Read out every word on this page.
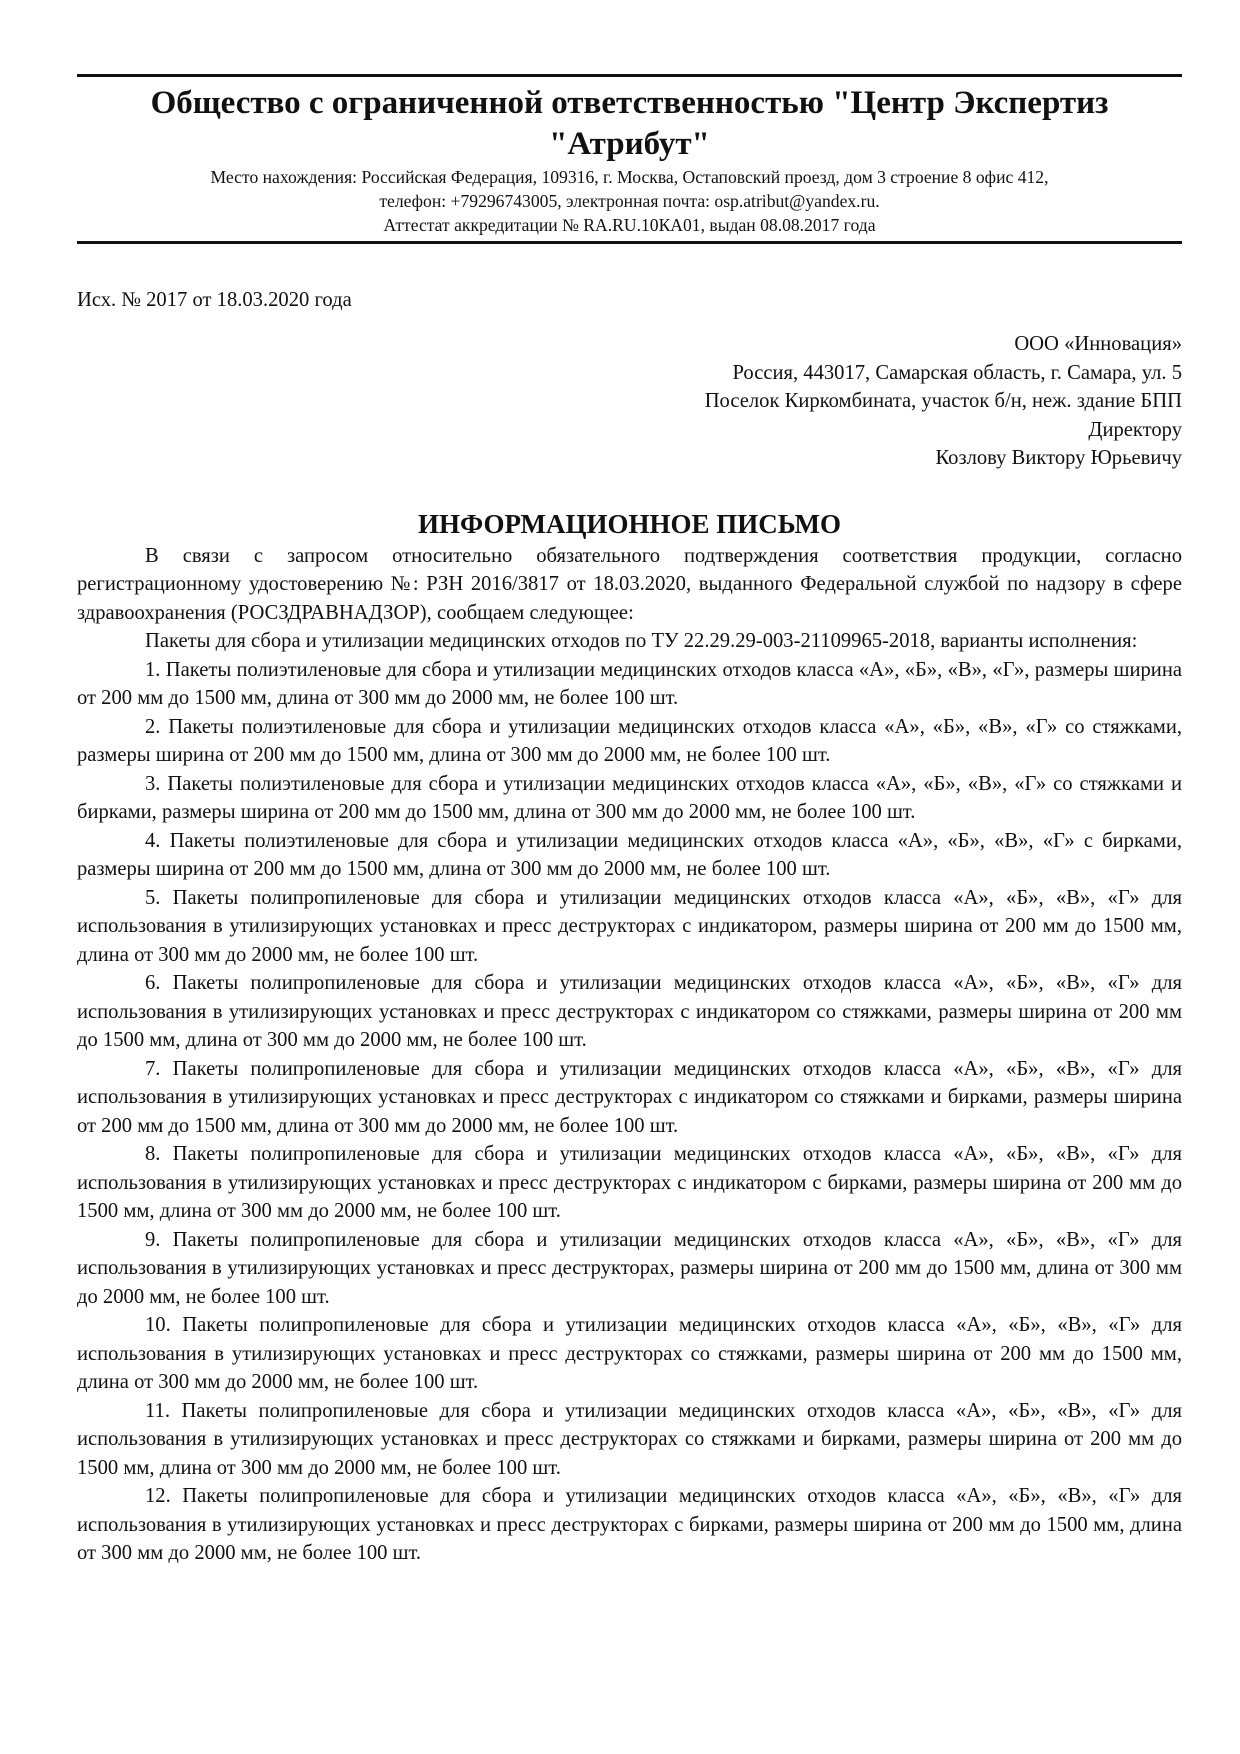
Общество с ограниченной ответственностью "Центр Экспертиз
"Атрибут"
Место нахождения: Российская Федерация, 109316, г. Москва, Остаповский проезд, дом 3 строение 8 офис 412,
телефон: +79296743005, электронная почта: osp.atribut@yandex.ru.
Аттестат аккредитации № RA.RU.10КА01, выдан 08.08.2017 года
Исх. № 2017 от 18.03.2020 года
ООО «Инновация»
Россия, 443017, Самарская область, г. Самара, ул. 5
Поселок Киркомбината, участок б/н, неж. здание БПП
Директору
Козлову Виктору Юрьевичу
ИНФОРМАЦИОННОЕ ПИСЬМО

В связи с запросом относительно обязательного подтверждения соответствия продукции, согласно регистрационному удостоверению №: РЗН 2016/3817 от 18.03.2020, выданного Федеральной службой по надзору в сфере здравоохранения (РОСЗДРАВНАДЗОР), сообщаем следующее:

Пакеты для сбора и утилизации медицинских отходов по ТУ 22.29.29-003-21109965-2018, варианты исполнения:

1. Пакеты полиэтиленовые для сбора и утилизации медицинских отходов класса «А», «Б», «В», «Г», размеры ширина от 200 мм до 1500 мм, длина от 300 мм до 2000 мм, не более 100 шт.

2. Пакеты полиэтиленовые для сбора и утилизации медицинских отходов класса «А», «Б», «В», «Г» со стяжками, размеры ширина от 200 мм до 1500 мм, длина от 300 мм до 2000 мм, не более 100 шт.

3. Пакеты полиэтиленовые для сбора и утилизации медицинских отходов класса «А», «Б», «В», «Г» со стяжками и бирками, размеры ширина от 200 мм до 1500 мм, длина от 300 мм до 2000 мм, не более 100 шт.

4. Пакеты полиэтиленовые для сбора и утилизации медицинских отходов класса «А», «Б», «В», «Г» с бирками, размеры ширина от 200 мм до 1500 мм, длина от 300 мм до 2000 мм, не более 100 шт.

5. Пакеты полипропиленовые для сбора и утилизации медицинских отходов класса «А», «Б», «В», «Г» для использования в утилизирующих установках и пресс деструкторах с индикатором, размеры ширина от 200 мм до 1500 мм, длина от 300 мм до 2000 мм, не более 100 шт.

6. Пакеты полипропиленовые для сбора и утилизации медицинских отходов класса «А», «Б», «В», «Г» для использования в утилизирующих установках и пресс деструкторах с индикатором со стяжками, размеры ширина от 200 мм до 1500 мм, длина от 300 мм до 2000 мм, не более 100 шт.

7. Пакеты полипропиленовые для сбора и утилизации медицинских отходов класса «А», «Б», «В», «Г» для использования в утилизирующих установках и пресс деструкторах с индикатором со стяжками и бирками, размеры ширина от 200 мм до 1500 мм, длина от 300 мм до 2000 мм, не более 100 шт.

8. Пакеты полипропиленовые для сбора и утилизации медицинских отходов класса «А», «Б», «В», «Г» для использования в утилизирующих установках и пресс деструкторах с индикатором с бирками, размеры ширина от 200 мм до 1500 мм, длина от 300 мм до 2000 мм, не более 100 шт.

9. Пакеты полипропиленовые для сбора и утилизации медицинских отходов класса «А», «Б», «В», «Г» для использования в утилизирующих установках и пресс деструкторах, размеры ширина от 200 мм до 1500 мм, длина от 300 мм до 2000 мм, не более 100 шт.

10. Пакеты полипропиленовые для сбора и утилизации медицинских отходов класса «А», «Б», «В», «Г» для использования в утилизирующих установках и пресс деструкторах со стяжками, размеры ширина от 200 мм до 1500 мм, длина от 300 мм до 2000 мм, не более 100 шт.

11. Пакеты полипропиленовые для сбора и утилизации медицинских отходов класса «А», «Б», «В», «Г» для использования в утилизирующих установках и пресс деструкторах со стяжками и бирками, размеры ширина от 200 мм до 1500 мм, длина от 300 мм до 2000 мм, не более 100 шт.

12. Пакеты полипропиленовые для сбора и утилизации медицинских отходов класса «А», «Б», «В», «Г» для использования в утилизирующих установках и пресс деструкторах с бирками, размеры ширина от 200 мм до 1500 мм, длина от 300 мм до 2000 мм, не более 100 шт.
